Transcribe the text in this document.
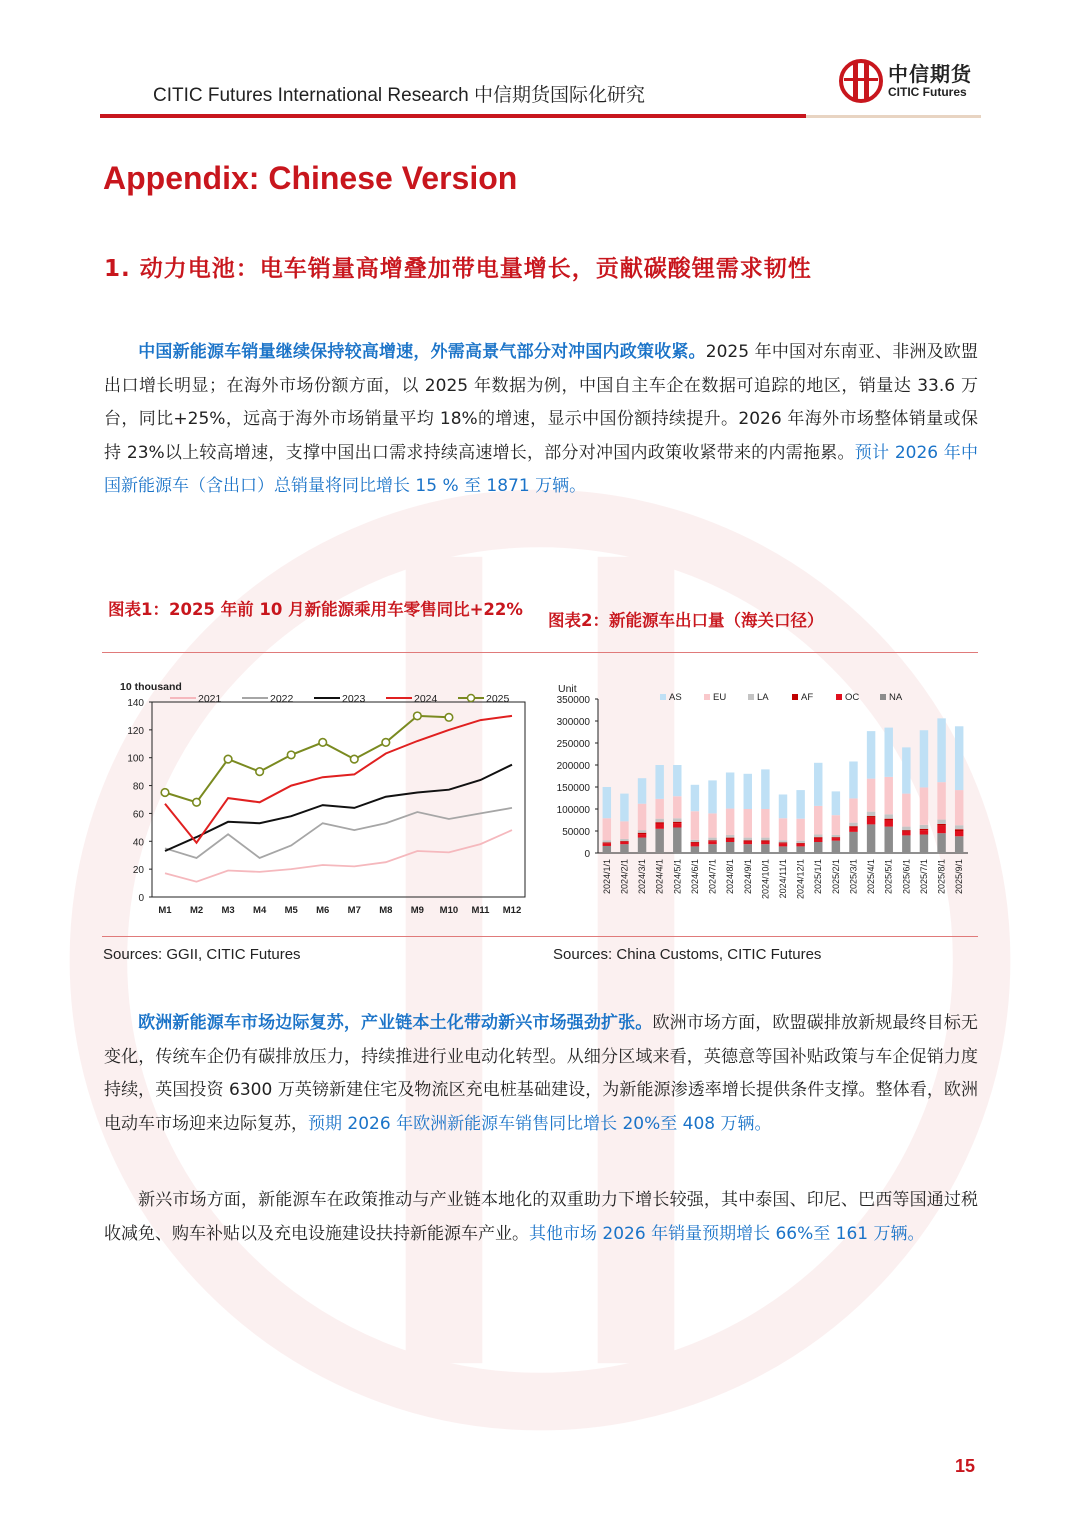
CITIC Futures International Research 中信期货国际化研究
中信期货
CITIC Futures
Appendix: Chinese Version
1. 动力电池：电车销量高增叠加带电量增长，贡献碳酸锂需求韧性
中国新能源车销量继续保持较高增速，外需高景气部分对冲国内政策收紧。2025 年中国对东南亚、非洲及欧盟出口增长明显；在海外市场份额方面，以 2025 年数据为例，中国自主车企在数据可追踪的地区，销量达 33.6 万台，同比+25%，远高于海外市场销量平均 18%的增速，显示中国份额持续提升。2026 年海外市场整体销量或保持 23%以上较高增速，支撑中国出口需求持续高速增长，部分对冲国内政策收紧带来的内需拖累。预计 2026 年中国新能源车（含出口）总销量将同比增长 15 % 至 1871 万辆。
图表1：2025 年前 10 月新能源乘用车零售同比+22%
图表2：新能源车出口量（海关口径）
10 thousand
0
20
40
60
80
100
120
140
M1 M2 M3 M4 M5 M6 M7 M8 M9 M10 M11 M12
2021	2022	2023	2024	2025
Unit
0
50000
100000
150000
200000
250000
300000
350000	AS	EU	LA	AF	OC	NA
2024/1/1 2024/2/1 2024/3/1 2024/4/1 2024/5/1 2024/6/1 2024/7/1 2024/8/1 2024/9/1 2024/10/1 2024/11/1 2024/12/1 2025/1/1 2025/2/1 2025/3/1 2025/4/1 2025/5/1 2025/6/1 2025/7/1 2025/8/1 2025/9/1
Sources: GGII, CITIC Futures	Sources: China Customs, CITIC Futures
欧洲新能源车市场边际复苏，产业链本土化带动新兴市场强劲扩张。欧洲市场方面，欧盟碳排放新规最终目标无变化，传统车企仍有碳排放压力，持续推进行业电动化转型。从细分区域来看，英德意等国补贴政策与车企促销力度持续，英国投资 6300 万英镑新建住宅及物流区充电桩基础建设，为新能源渗透率增长提供条件支撑。整体看，欧洲电动车市场迎来边际复苏，预期 2026 年欧洲新能源车销售同比增长 20%至 408 万辆。
新兴市场方面，新能源车在政策推动与产业链本地化的双重助力下增长较强，其中泰国、印尼、巴西等国通过税收减免、购车补贴以及充电设施建设扶持新能源车产业。其他市场 2026 年销量预期增长 66%至 161 万辆。
15
